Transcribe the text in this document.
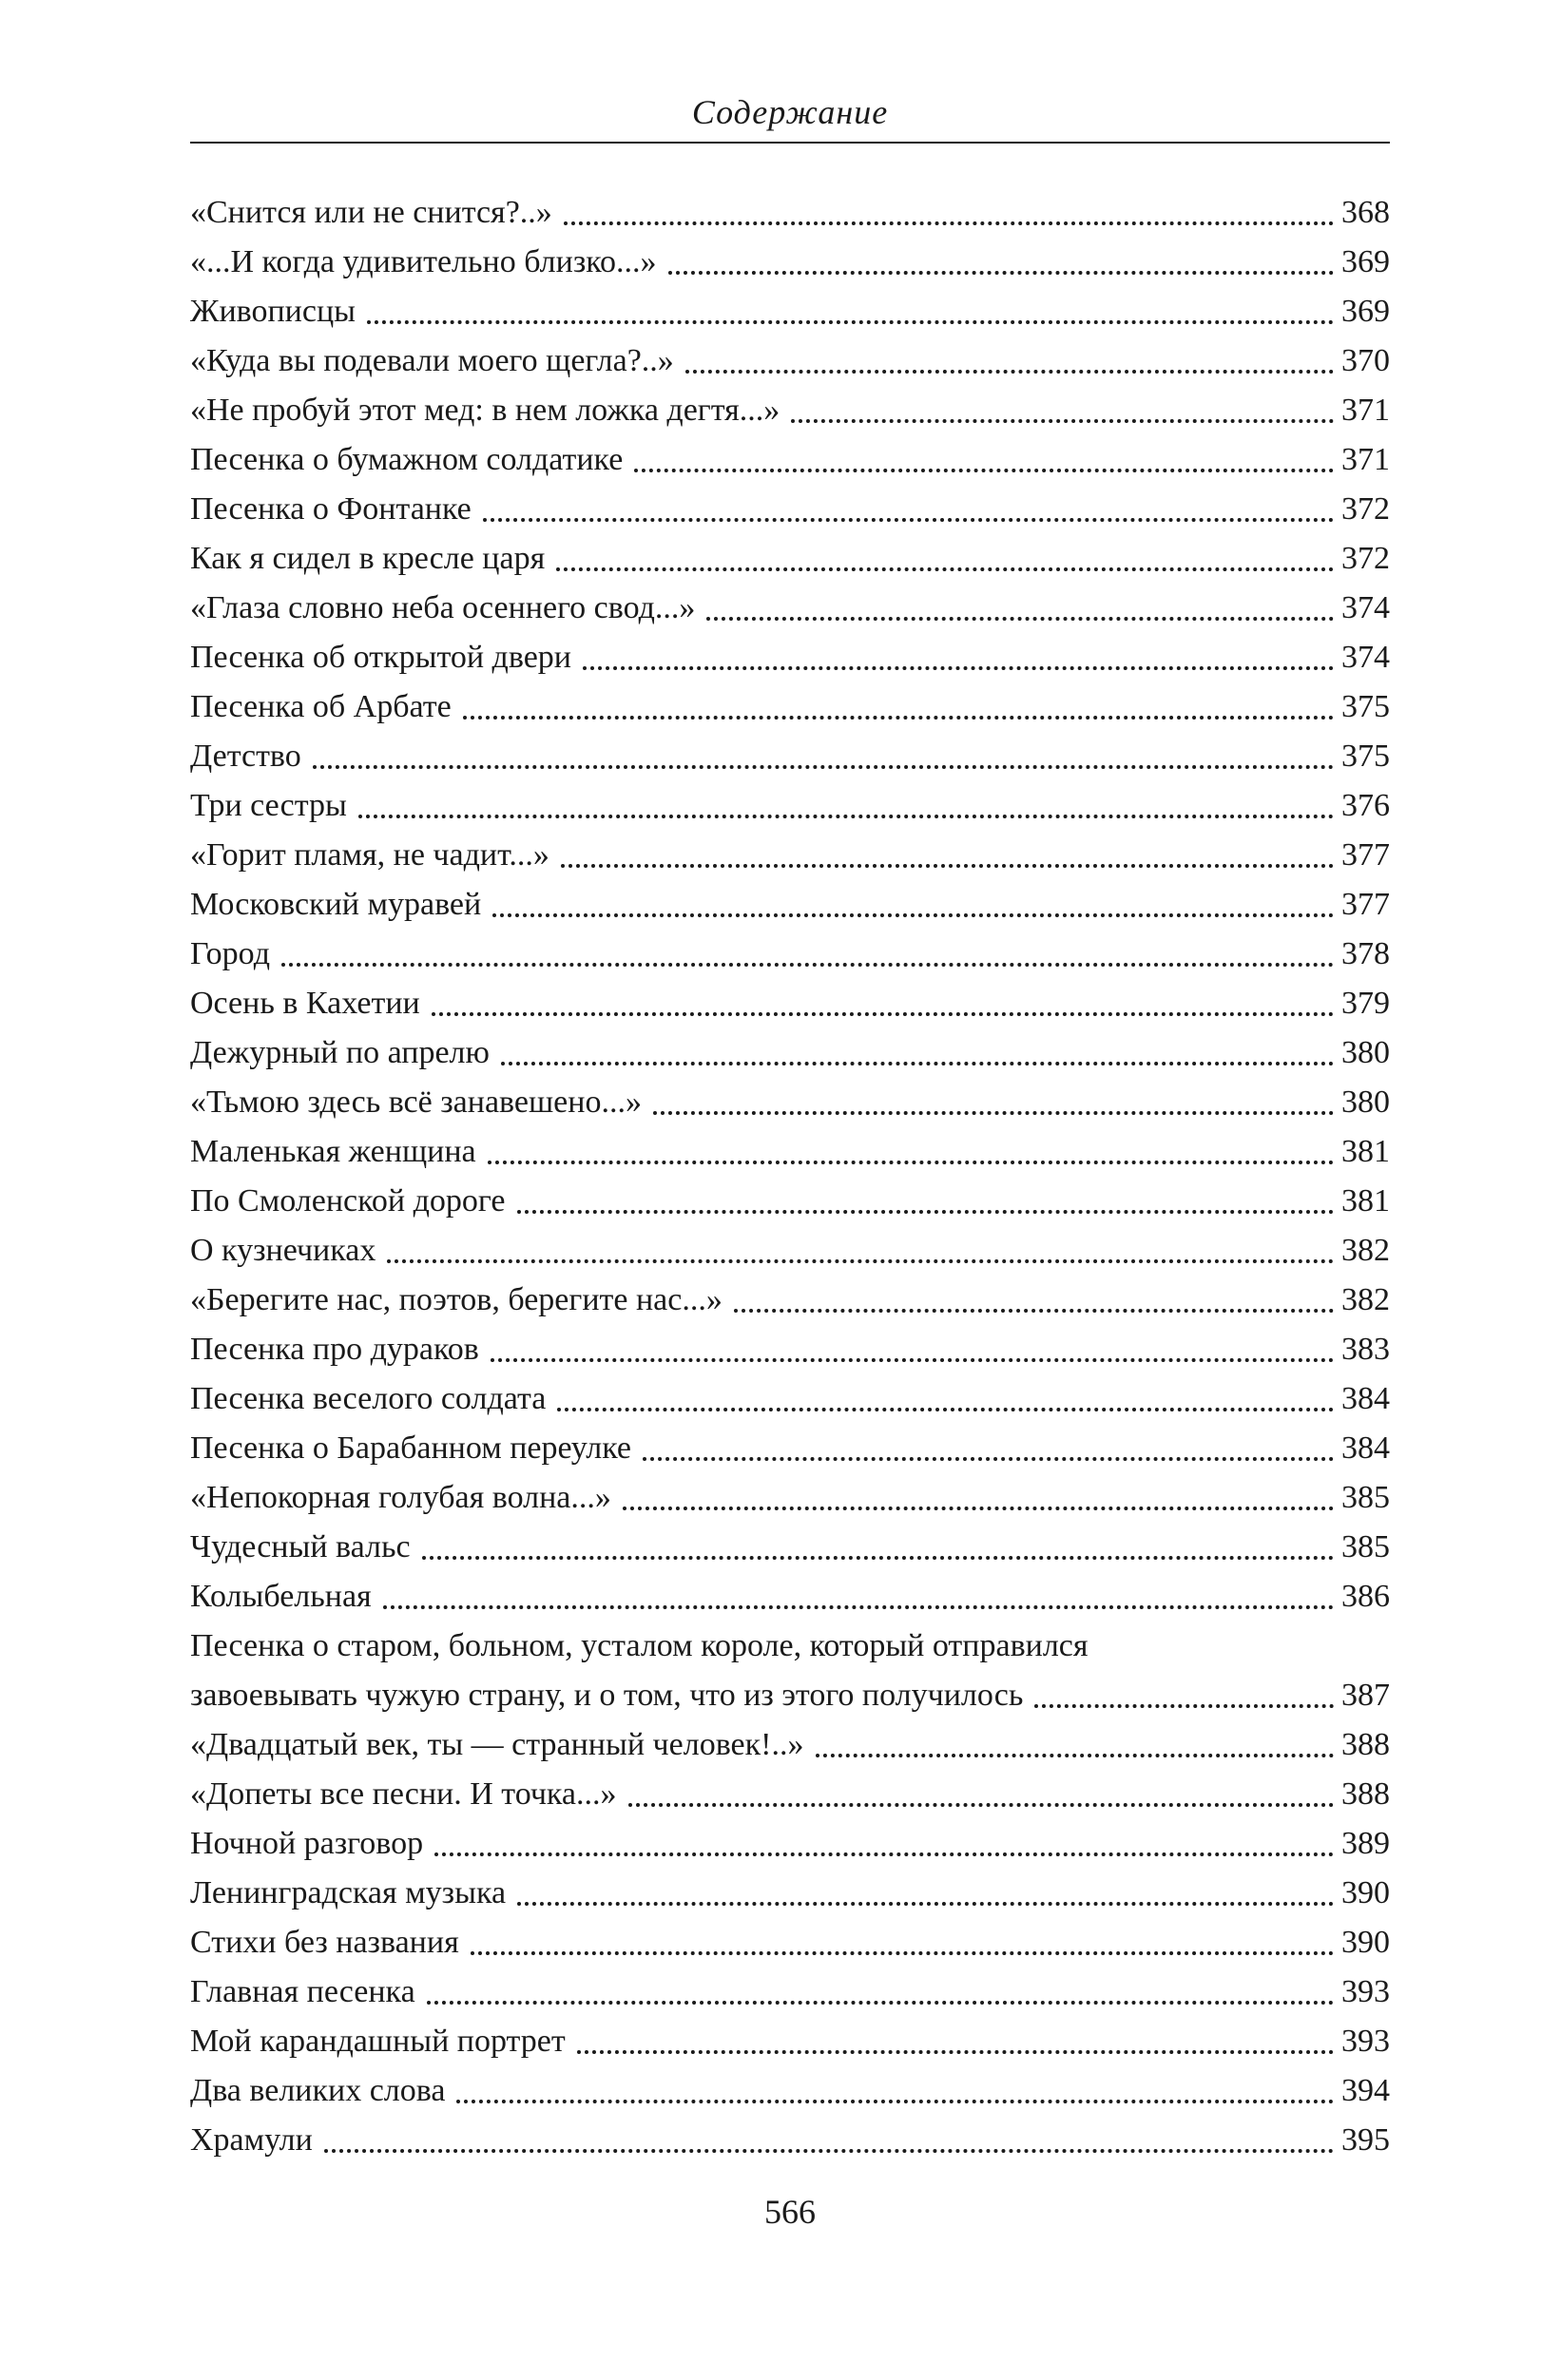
Содержание
«Снится или не снится?..»	368
«...И когда удивительно близко...»	369
Живописцы	369
«Куда вы подевали моего щегла?..»	370
«Не пробуй этот мед: в нем ложка дегтя...»	371
Песенка о бумажном солдатике	371
Песенка о Фонтанке	372
Как я сидел в кресле царя	372
«Глаза словно неба осеннего свод...»	374
Песенка об открытой двери	374
Песенка об Арбате	375
Детство	375
Три сестры	376
«Горит пламя, не чадит...»	377
Московский муравей	377
Город	378
Осень в Кахетии	379
Дежурный по апрелю	380
«Тьмою здесь всё занавешено...»	380
Маленькая женщина	381
По Смоленской дороге	381
О кузнечиках	382
«Берегите нас, поэтов, берегите нас...»	382
Песенка про дураков	383
Песенка веселого солдата	384
Песенка о Барабанном переулке	384
«Непокорная голубая волна...»	385
Чудесный вальс	385
Колыбельная	386
Песенка о старом, больном, усталом короле, который отправился
завоевывать чужую страну, и о том, что из этого получилось	387
«Двадцатый век, ты — странный человек!..»	388
«Допеты все песни. И точка...»	388
Ночной разговор	389
Ленинградская музыка	390
Стихи без названия	390
Главная песенка	393
Мой карандашный портрет	393
Два великих слова	394
Храмули	395
566
